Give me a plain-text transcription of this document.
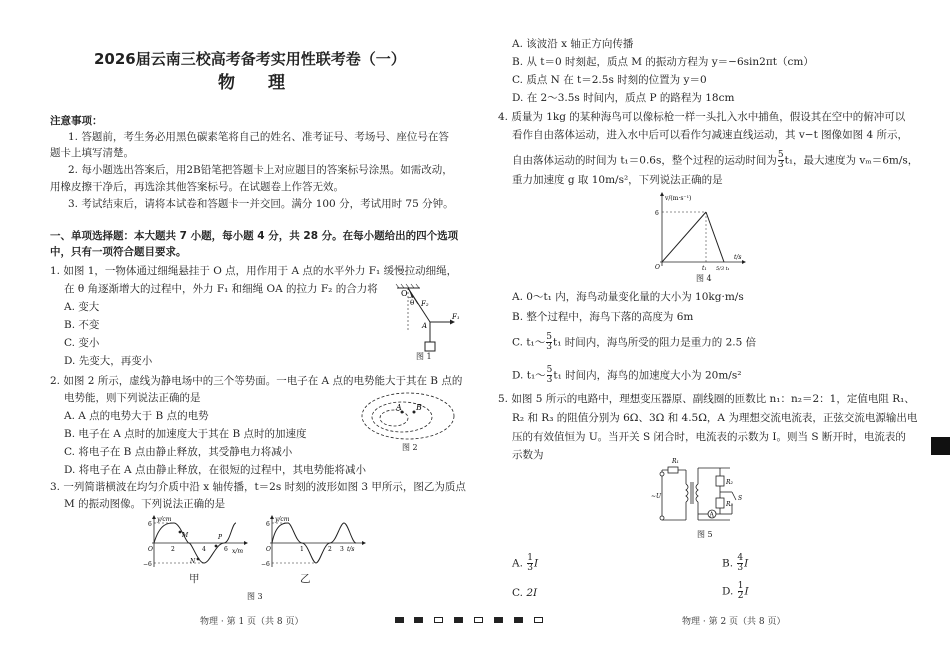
2026届云南三校高考备考实用性联考卷（一）
物　理
注意事项：
1. 答题前，考生务必用黑色碳素笔将自己的姓名、准考证号、考场号、座位号在答
题卡上填写清楚。
2. 每小题选出答案后，用2B铅笔把答题卡上对应题目的答案标号涂黑。如需改动，
用橡皮擦干净后，再选涂其他答案标号。在试题卷上作答无效。
3. 考试结束后，请将本试卷和答题卡一并交回。满分 100 分，考试用时 75 分钟。
一、单项选择题：本大题共 7 小题，每小题 4 分，共 28 分。在每小题给出的四个选项
中，只有一项符合题目要求。
1. 如图 1，一物体通过细绳悬挂于 O 点，用作用于 A 点的水平外力 F₁ 缓慢拉动细绳，
在 θ 角逐渐增大的过程中，外力 F₁ 和细绳 OA 的拉力 F₂ 的合力将
A. 变大
B. 不变
C. 变小
D. 先变大，再变小
O
θ F₂
A
F₁
图 1
2. 如图 2 所示，虚线为静电场中的三个等势面。一电子在 A 点的电势能大于其在 B 点的
电势能，则下列说法正确的是
A. A 点的电势大于 B 点的电势
B. 电子在 A 点时的加速度大于其在 B 点时的加速度
C. 将电子在 B 点由静止释放，其受静电力将减小
D. 将电子在 A 点由静止释放，在很短的过程中，其电势能将减小
A B
图 2
3. 一列简谐横波在均匀介质中沿 x 轴传播，t＝2s 时刻的波形如图 3 甲所示，图乙为质点
M 的振动图像。下列说法正确的是
y/cm
6
−6
O	2	4	6 x/m
M
N
P
甲
y/cm
6
−6
O	1	2 3 t/s
乙
图 3
物理 · 第 1 页（共 8 页）
A. 该波沿 x 轴正方向传播
B. 从 t＝0 时刻起，质点 M 的振动方程为 y＝−6sin2πt（cm）
C. 质点 N 在 t＝2.5s 时刻的位置为 y＝0
D. 在 2～3.5s 时间内，质点 P 的路程为 18cm
4. 质量为 1kg 的某种海鸟可以像标枪一样一头扎入水中捕鱼，假设其在空中的俯冲可以
看作自由落体运动，进入水中后可以看作匀减速直线运动，其 v−t 图像如图 4 所示，
自由落体运动的时间为 t₁＝0.6s，整个过程的运动时间为 $\frac{5}{3} t_1$，最大速度为 vₘ＝6m/s，
重力加速度 g 取 10m/s²，下列说法正确的是
v/(m·s⁻¹)
6
O	t₁ 5/3 t₁
t/s
图 4
A. 0～t₁ 内，海鸟动量变化量的大小为 10kg·m/s
B. 整个过程中，海鸟下落的高度为 6m
C. t₁～ $\frac{5}{3} t_1$ 时间内，海鸟所受的阻力是重力的 2.5 倍
D. t₁～ $\frac{5}{3} t_1$ 时间内，海鸟的加速度大小为 20m/s²
5. 如图 5 所示的电路中，理想变压器原、副线圈的匝数比 n₁：n₂＝2：1，定值电阻 R₁、
R₂ 和 R₃ 的阻值分别为 6Ω、3Ω 和 4.5Ω，A 为理想交流电流表，正弦交流电源输出电
压的有效值恒为 U。当开关 S 闭合时，电流表的示数为 I。则当 S 断开时，电流表的
示数为
R₁
R₂
R₃
~U
A
S
图 5
A. $\frac{1}{3}$ I	B. $\frac{4}{3}$ I
C. 2I	D. $\frac{1}{2}$ I
物理 · 第 2 页（共 8 页）
